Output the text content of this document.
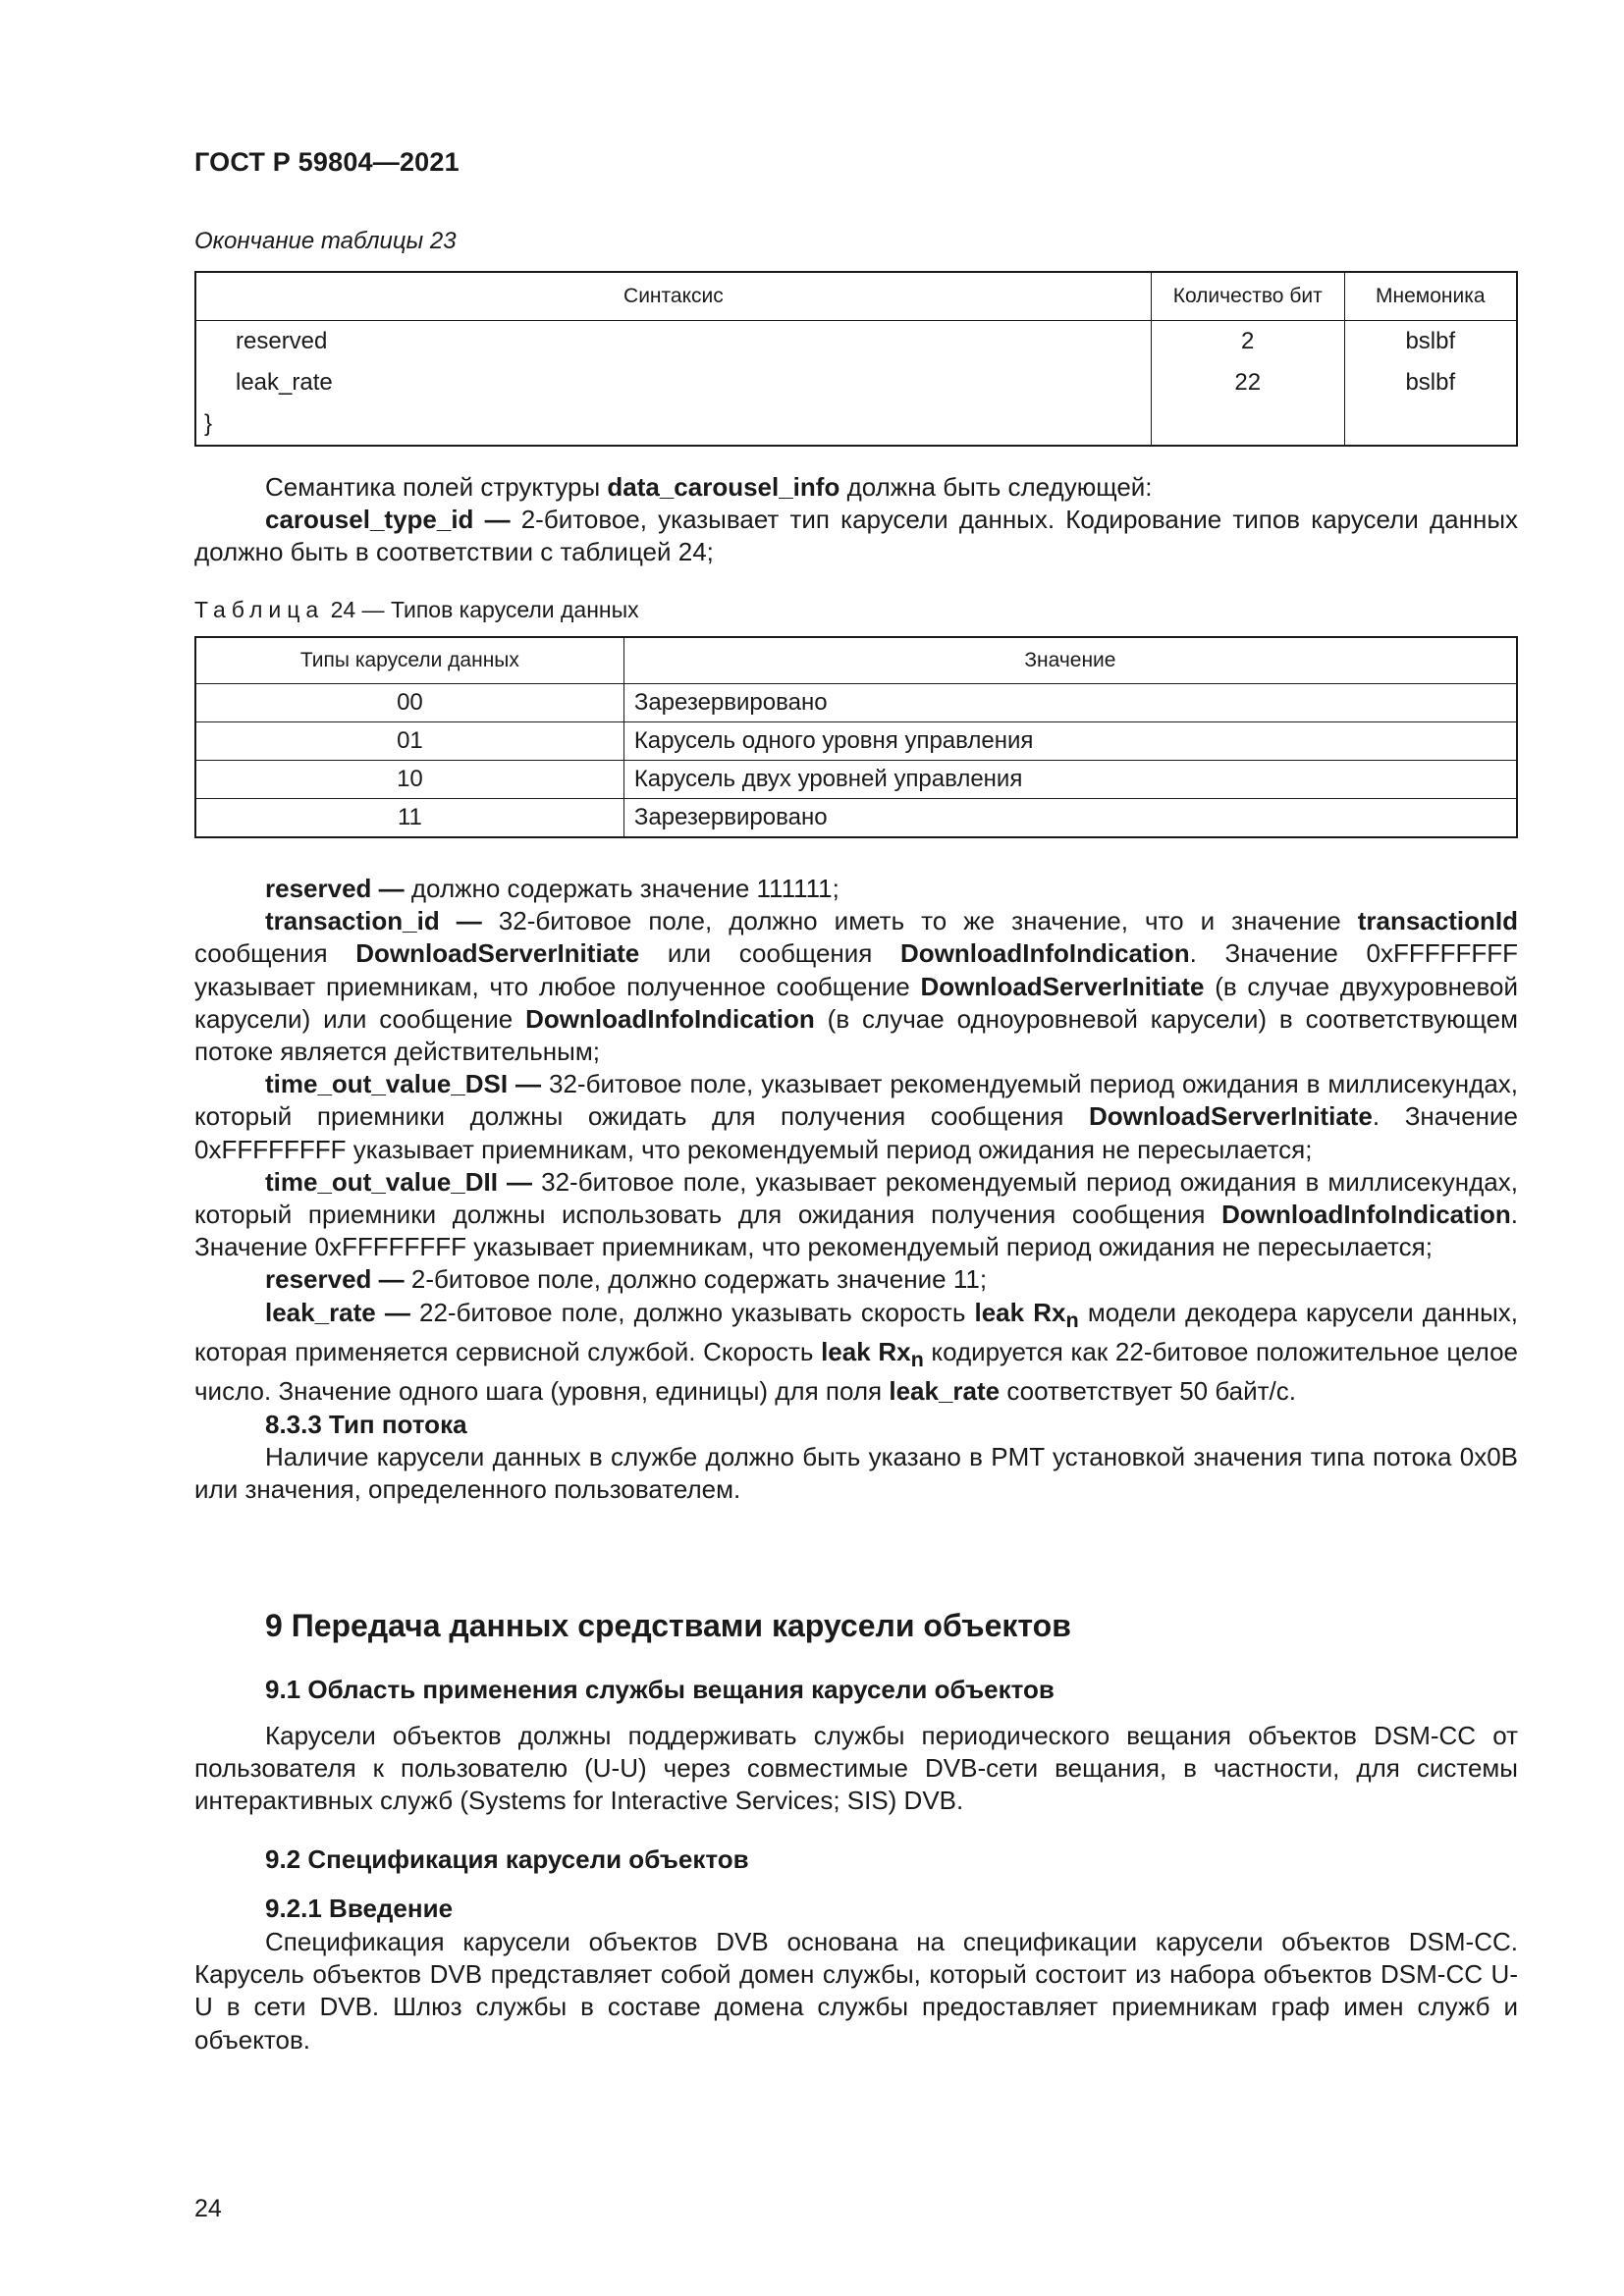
ГОСТ Р 59804—2021
Окончание таблицы 23
Синтаксис	Количество бит	Мнемоника
reserved	2	bslbf
leak_rate	22	bslbf
}		

Семантика полей структуры data_carousel_info должна быть следующей:

carousel_type_id — 2-битовое, указывает тип карусели данных. Кодирование типов карусели данных должно быть в соответствии с таблицей 24;

Таблица 24 — Типов карусели данных
Типы карусели данных	Значение
00	Зарезервировано
01	Карусель одного уровня управления
10	Карусель двух уровней управления
11	Зарезервировано

reserved — должно содержать значение 111111;

transaction_id — 32-битовое поле, должно иметь то же значение, что и значение transactionId сообщения DownloadServerInitiate или сообщения DownloadInfoIndication. Значение 0xFFFFFFFF указывает приемникам, что любое полученное сообщение DownloadServerInitiate (в случае двухуровневой карусели) или сообщение DownloadInfoIndication (в случае одноуровневой карусели) в соответствующем потоке является действительным;

time_out_value_DSI — 32-битовое поле, указывает рекомендуемый период ожидания в миллисекундах, который приемники должны ожидать для получения сообщения DownloadServerInitiate. Значение 0xFFFFFFFF указывает приемникам, что рекомендуемый период ожидания не пересылается;

time_out_value_DII — 32-битовое поле, указывает рекомендуемый период ожидания в миллисекундах, который приемники должны использовать для ожидания получения сообщения DownloadInfoIndication. Значение 0xFFFFFFFF указывает приемникам, что рекомендуемый период ожидания не пересылается;

reserved — 2-битовое поле, должно содержать значение 11;

leak_rate — 22-битовое поле, должно указывать скорость leak $Rx_n$ модели декодера карусели данных, которая применяется сервисной службой. Скорость leak $Rx_n$ кодируется как 22-битовое положительное целое число. Значение одного шага (уровня, единицы) для поля leak_rate соответствует 50 байт/с.

8.3.3 Тип потока

Наличие карусели данных в службе должно быть указано в PMT установкой значения типа потока 0x0B или значения, определенного пользователем.

9 Передача данных средствами карусели объектов
9.1 Область применения службы вещания карусели объектов

Карусели объектов должны поддерживать службы периодического вещания объектов DSM-CC от пользователя к пользователю (U-U) через совместимые DVB-сети вещания, в частности, для системы интерактивных служб (Systems for Interactive Services; SIS) DVB.

9.2 Спецификация карусели объектов
9.2.1 Введение

Спецификация карусели объектов DVB основана на спецификации карусели объектов DSM-CC. Карусель объектов DVB представляет собой домен службы, который состоит из набора объектов DSM-CC U-U в сети DVB. Шлюз службы в составе домена службы предоставляет приемникам граф имен служб и объектов.

24
